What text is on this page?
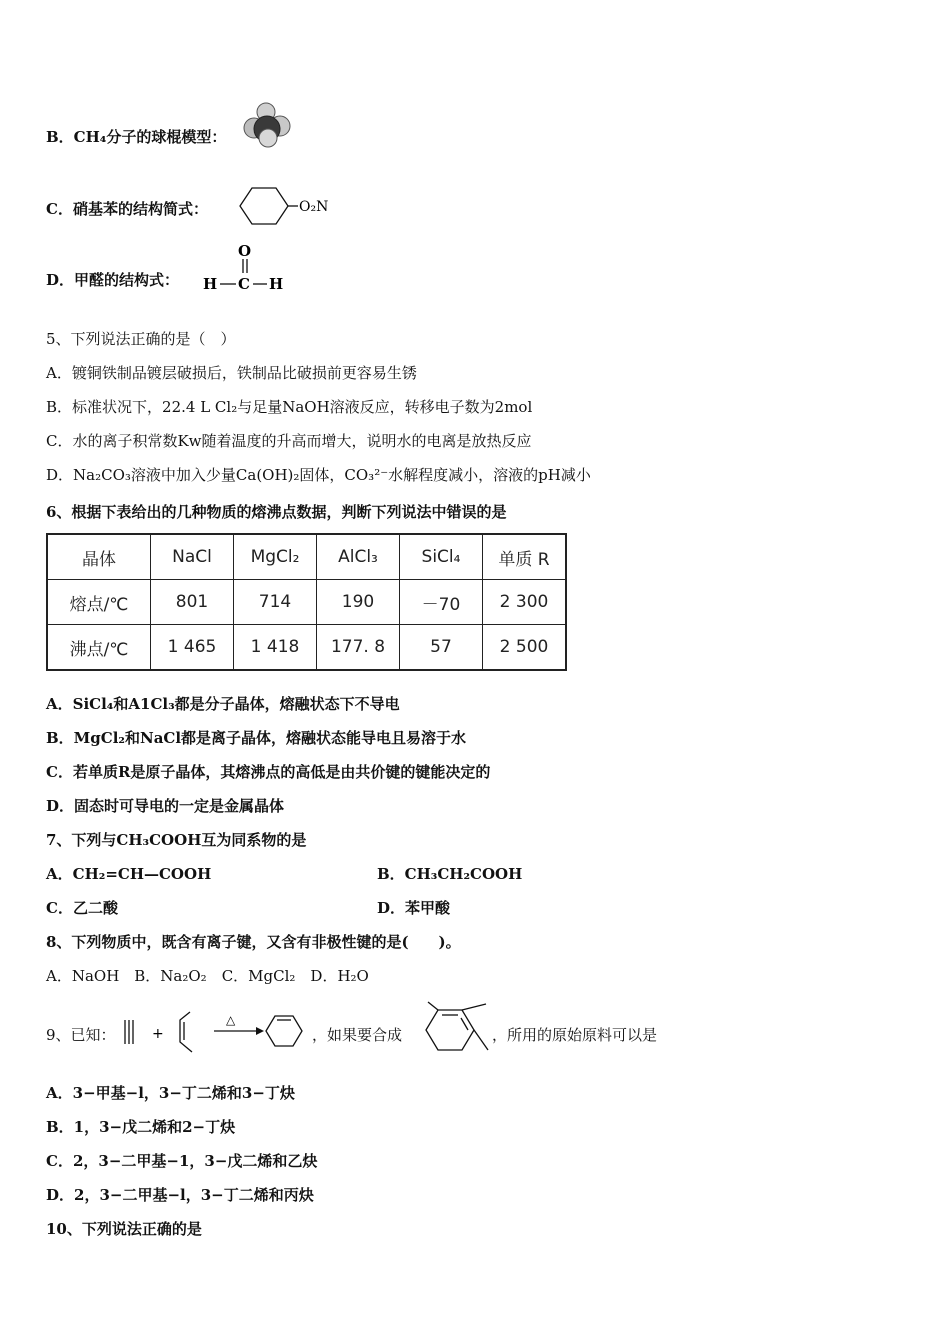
B．CH₄分子的球棍模型：
C．硝基苯的结构简式：	O₂N
D．甲醛的结构式：
O
H C H
5、下列说法正确的是（　）
A．镀铜铁制品镀层破损后，铁制品比破损前更容易生锈
B．标准状况下，22.4 L Cl₂与足量NaOH溶液反应，转移电子数为2mol
C．水的离子积常数Kw随着温度的升高而增大，说明水的电离是放热反应
D．Na₂CO₃溶液中加入少量Ca(OH)₂固体，CO₃²⁻水解程度减小，溶液的pH减小
6、根据下表给出的几种物质的熔沸点数据，判断下列说法中错误的是
晶体	NaCl	MgCl₂	AlCl₃	SiCl₄	单质 R
熔点/℃	801	714	190	－70	2 300
沸点/℃	1 465	1 418	177. 8	57	2 500
A．SiCl₄和A1Cl₃都是分子晶体，熔融状态下不导电
B．MgCl₂和NaCl都是离子晶体，熔融状态能导电且易溶于水
C．若单质R是原子晶体，其熔沸点的高低是由共价键的键能决定的
D．固态时可导电的一定是金属晶体
7、下列与CH₃COOH互为同系物的是
A．CH₂=CH—COOH	B．CH₃CH₂COOH
C．乙二酸	D．苯甲酸
8、下列物质中，既含有离子键，又含有非极性键的是(　　)。
A．NaOH　B．Na₂O₂　C．MgCl₂　D．H₂O
9、已知：	+
△
，如果要合成	，所用的原始原料可以是
A．3−甲基−l，3−丁二烯和3−丁炔
B．1，3−戊二烯和2−丁炔
C．2，3−二甲基−1，3−戊二烯和乙炔
D．2，3−二甲基−l，3−丁二烯和丙炔
10、下列说法正确的是
